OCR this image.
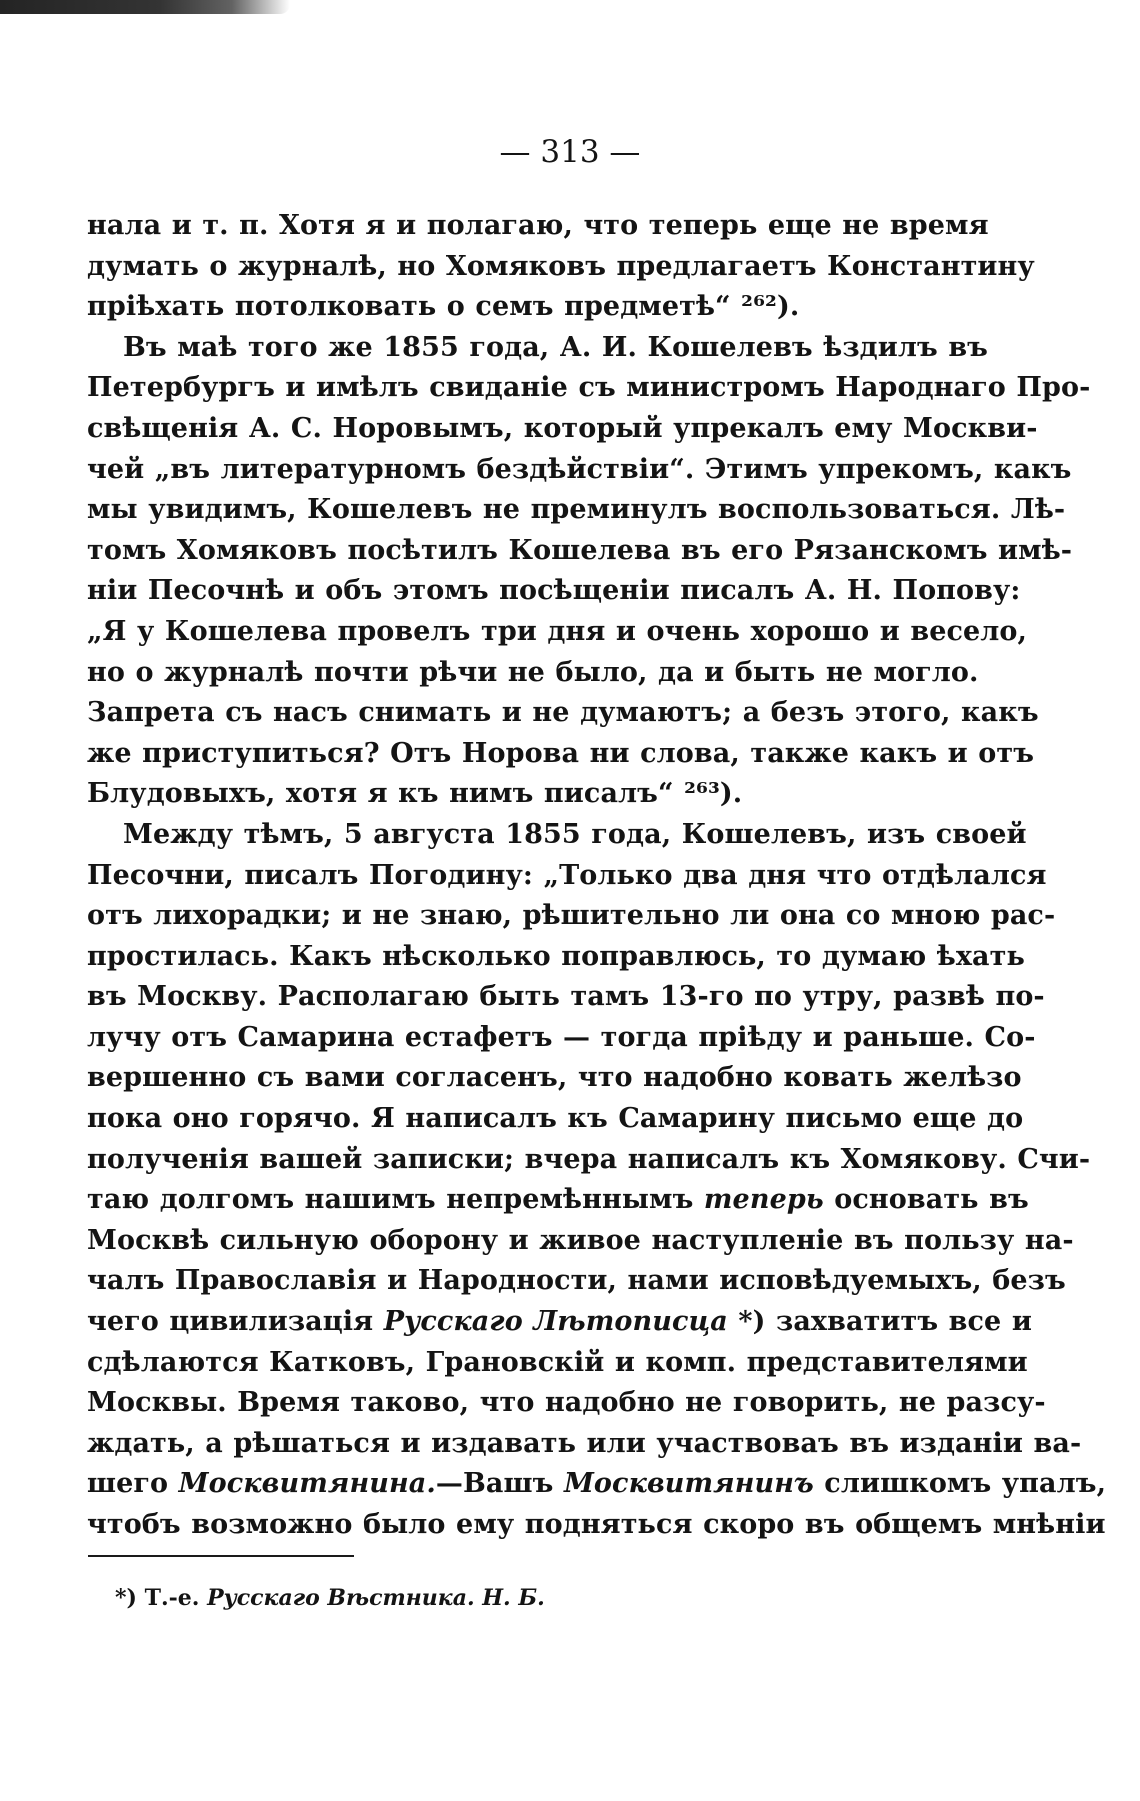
— 313 —
нала и т. п. Хотя я и полагаю, что теперь еще не время
думать о журналѣ, но Хомяковъ предлагаетъ Константину
пріѣхать потолковать о семъ предметѣ“ ²⁶²).
Въ маѣ того же 1855 года, А. И. Кошелевъ ѣздилъ въ
Петербургъ и имѣлъ свиданіе съ министромъ Народнаго Про-
свѣщенія А. С. Норовымъ, который упрекалъ ему Москви-
чей „въ литературномъ бездѣйствіи“. Этимъ упрекомъ, какъ
мы увидимъ, Кошелевъ не преминулъ воспользоваться. Лѣ-
томъ Хомяковъ посѣтилъ Кошелева въ его Рязанскомъ имѣ-
ніи Песочнѣ и объ этомъ посѣщеніи писалъ А. Н. Попову:
„Я у Кошелева провелъ три дня и очень хорошо и весело,
но о журналѣ почти рѣчи не было, да и быть не могло.
Запрета съ насъ снимать и не думаютъ; а безъ этого, какъ
же приступиться? Отъ Норова ни слова, также какъ и отъ
Блудовыхъ, хотя я къ нимъ писалъ“ ²⁶³).
Между тѣмъ, 5 августа 1855 года, Кошелевъ, изъ своей
Песочни, писалъ Погодину: „Только два дня что отдѣлался
отъ лихорадки; и не знаю, рѣшительно ли она со мною рас-
простилась. Какъ нѣсколько поправлюсь, то думаю ѣхать
въ Москву. Располагаю быть тамъ 13-го по утру, развѣ по-
лучу отъ Самарина естафетъ — тогда пріѣду и раньше. Со-
вершенно съ вами согласенъ, что надобно ковать желѣзо
пока оно горячо. Я написалъ къ Самарину письмо еще до
полученія вашей записки; вчера написалъ къ Хомякову. Счи-
таю долгомъ нашимъ непремѣннымъ теперь основать въ
Москвѣ сильную оборону и живое наступленіе въ пользу на-
чалъ Православія и Народности, нами исповѣдуемыхъ, безъ
чего цивилизація Русскаго Лѣтописца *) захватитъ все и
сдѣлаются Катковъ, Грановскій и комп. представителями
Москвы. Время таково, что надобно не говорить, не разсу-
ждать, а рѣшаться и издавать или участвоваъ въ изданіи ва-
шего Москвитянина.—Вашъ Москвитянинъ слишкомъ упалъ,
чтобъ возможно было ему подняться скоро въ общемъ мнѣніи
*) Т.-е. Русскаго Вѣстника. Н. Б.
